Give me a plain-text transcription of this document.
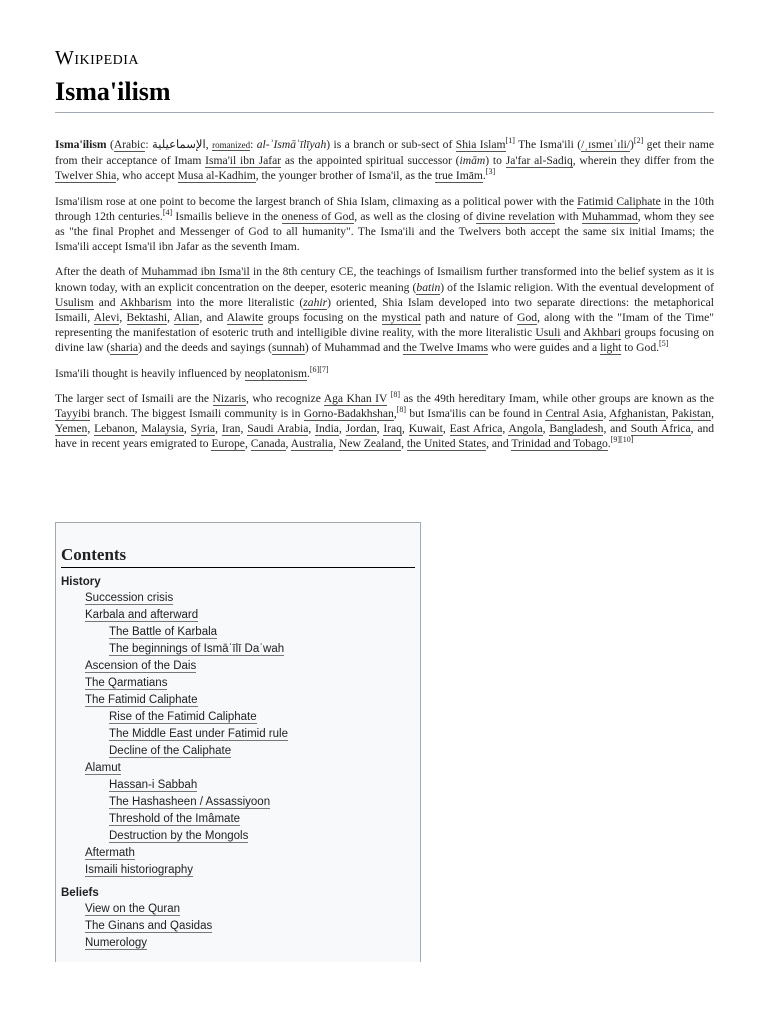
Wikipedia
Isma'ilism

Isma'ilism (Arabic: الإسماعيلية, romanized: al-ʾIsmāʿīlīyah) is a branch or sub-sect of Shia Islam[1] The Isma'ili (/ˌɪsmeɪˈɪli/)[2] get their name from their acceptance of Imam Isma'il ibn Jafar as the appointed spiritual successor (imām) to Ja'far al-Sadiq, wherein they differ from the Twelver Shia, who accept Musa al-Kadhim, the younger brother of Isma'il, as the true Imām.[3]

Isma'ilism rose at one point to become the largest branch of Shia Islam, climaxing as a political power with the Fatimid Caliphate in the 10th through 12th centuries.[4] Ismailis believe in the oneness of God, as well as the closing of divine revelation with Muhammad, whom they see as "the final Prophet and Messenger of God to all humanity". The Isma'ili and the Twelvers both accept the same six initial Imams; the Isma'ili accept Isma'il ibn Jafar as the seventh Imam.

After the death of Muhammad ibn Isma'il in the 8th century CE, the teachings of Ismailism further transformed into the belief system as it is known today, with an explicit concentration on the deeper, esoteric meaning (batin) of the Islamic religion. With the eventual development of Usulism and Akhbarism into the more literalistic (zahir) oriented, Shia Islam developed into two separate directions: the metaphorical Ismaili, Alevi, Bektashi, Alian, and Alawite groups focusing on the mystical path and nature of God, along with the "Imam of the Time" representing the manifestation of esoteric truth and intelligible divine reality, with the more literalistic Usuli and Akhbari groups focusing on divine law (sharia) and the deeds and sayings (sunnah) of Muhammad and the Twelve Imams who were guides and a light to God.[5]

Isma'ili thought is heavily influenced by neoplatonism.[6][7]

The larger sect of Ismaili are the Nizaris, who recognize Aga Khan IV [8] as the 49th hereditary Imam, while other groups are known as the Tayyibi branch. The biggest Ismaili community is in Gorno-Badakhshan,[8] but Isma'ilis can be found in Central Asia, Afghanistan, Pakistan, Yemen, Lebanon, Malaysia, Syria, Iran, Saudi Arabia, India, Jordan, Iraq, Kuwait, East Africa, Angola, Bangladesh, and South Africa, and have in recent years emigrated to Europe, Canada, Australia, New Zealand, the United States, and Trinidad and Tobago.[9][10]

Contents
History
Succession crisis
Karbala and afterward
The Battle of Karbala
The beginnings of Ismāʿīlī Daʿwah
Ascension of the Dais
The Qarmatians
The Fatimid Caliphate
Rise of the Fatimid Caliphate
The Middle East under Fatimid rule
Decline of the Caliphate
Alamut
Hassan-i Sabbah
The Hashasheen / Assassiyoon
Threshold of the Imâmate
Destruction by the Mongols
Aftermath
Ismaili historiography
Beliefs
View on the Quran
The Ginans and Qasidas
Numerology
